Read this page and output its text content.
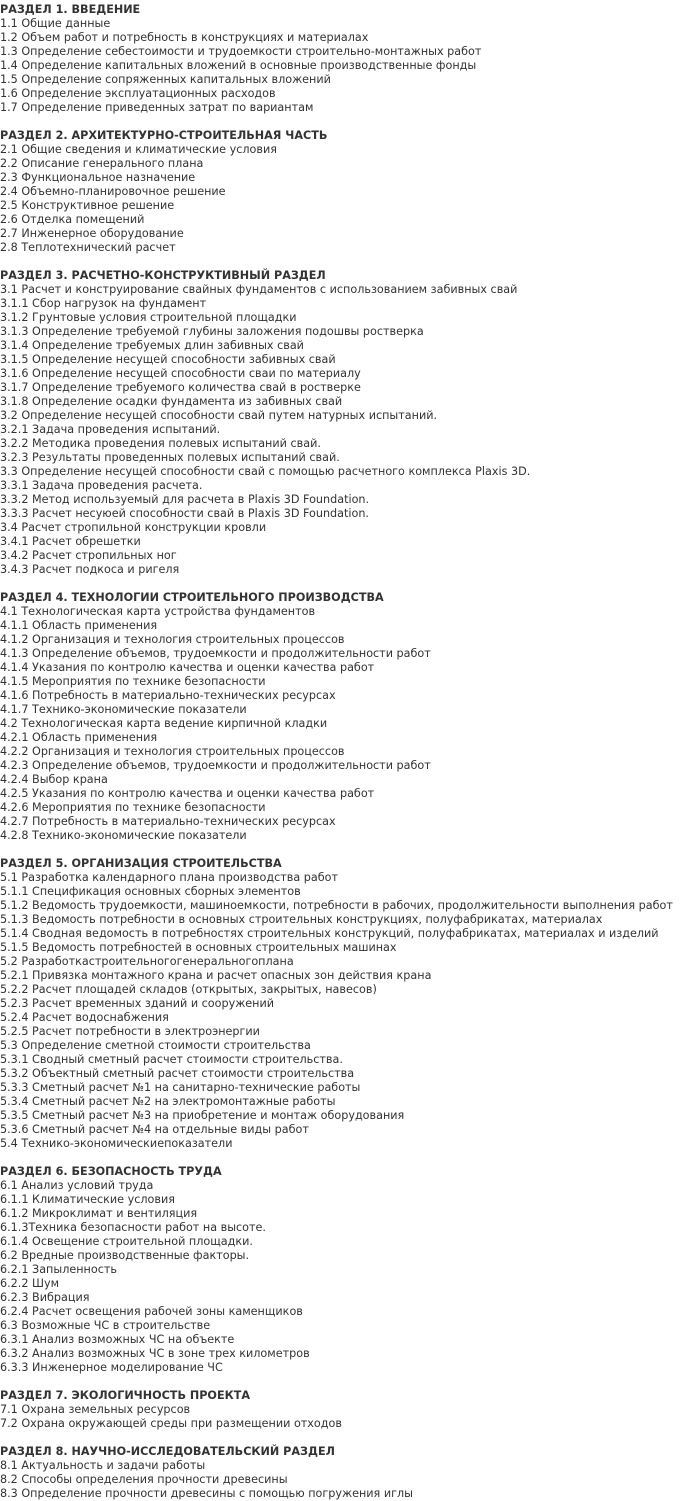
РАЗДЕЛ 1. ВВЕДЕНИЕ
1.1 Общие данные
1.2 Объем работ и потребность в конструкциях и материалах
1.3 Определение себестоимости и трудоемкости строительно-монтажных работ
1.4 Определение капитальных вложений в основные производственные фонды
1.5 Определение сопряженных капитальных вложений
1.6 Определение эксплуатационных расходов
1.7 Определение приведенных затрат по вариантам
РАЗДЕЛ 2. АРХИТЕКТУРНО-СТРОИТЕЛЬНАЯ ЧАСТЬ
2.1 Общие сведения и климатические условия
2.2 Описание генерального плана
2.3 Функциональное назначение
2.4 Объемно-планировочное решение
2.5 Конструктивное решение
2.6 Отделка помещений
2.7 Инженерное оборудование
2.8 Теплотехнический расчет
РАЗДЕЛ 3. РАСЧЕТНО-КОНСТРУКТИВНЫЙ РАЗДЕЛ
3.1 Расчет и конструирование свайных фундаментов с использованием забивных свай
3.1.1 Сбор нагрузок на фундамент
3.1.2 Грунтовые условия строительной площадки
3.1.3 Определение требуемой глубины заложения подошвы ростверка
3.1.4 Определение требуемых длин забивных свай
3.1.5 Определение несущей способности забивных свай
3.1.6 Определение несущей способности сваи по материалу
3.1.7 Определение требуемого количества свай в ростверке
3.1.8 Определение осадки фундамента из забивных свай
3.2 Определение несущей способности свай путем натурных испытаний.
3.2.1 Задача проведения испытаний.
3.2.2 Методика проведения полевых испытаний свай.
3.2.3 Результаты проведенных полевых испытаний свай.
3.3 Определение несущей способности свай с помощью расчетного комплекса Plaxis 3D.
3.3.1 Задача проведения расчета.
3.3.2 Метод используемый для расчета в Plaxis 3D Foundation.
3.3.3 Расчет несуюей способности свай в Plaxis 3D Foundation.
3.4 Расчет стропильной конструкции кровли
3.4.1 Расчет обрешетки
3.4.2 Расчет стропильных ног
3.4.3 Расчет подкоса и ригеля
РАЗДЕЛ 4. ТЕХНОЛОГИИ СТРОИТЕЛЬНОГО ПРОИЗВОДСТВА
4.1 Технологическая карта устройства фундаментов
4.1.1 Область применения
4.1.2 Организация и технология строительных процессов
4.1.3 Определение объемов, трудоемкости и продолжительности работ
4.1.4 Указания по контролю качества и оценки качества работ
4.1.5 Мероприятия по технике безопасности
4.1.6 Потребность в материально-технических ресурсах
4.1.7 Технико-экономические показатели
4.2 Технологическая карта ведение кирпичной кладки
4.2.1 Область применения
4.2.2 Организация и технология строительных процессов
4.2.3 Определение объемов, трудоемкости и продолжительности работ
4.2.4 Выбор крана
4.2.5 Указания по контролю качества и оценки качества работ
4.2.6 Мероприятия по технике безопасности
4.2.7 Потребность в материально-технических ресурсах
4.2.8 Технико-экономические показатели
РАЗДЕЛ 5. ОРГАНИЗАЦИЯ СТРОИТЕЛЬСТВА
5.1 Разработка календарного плана производства работ
5.1.1 Спецификация основных сборных элементов
5.1.2 Ведомость трудоемкости, машиноемкости, потребности в рабочих, продолжительности выполнения работ
5.1.3 Ведомость потребности в основных строительных конструкциях, полуфабрикатах, материалах
5.1.4 Сводная ведомость в потребностях строительных конструкций, полуфабрикатах, материалах и изделий
5.1.5 Ведомость потребностей в основных строительных машинах
5.2 Разработкастроительногогенеральногоплана
5.2.1 Привязка монтажного крана и расчет опасных зон действия крана
5.2.2 Расчет площадей складов (открытых, закрытых, навесов)
5.2.3 Расчет временных зданий и сооружений
5.2.4 Расчет водоснабжения
5.2.5 Расчет потребности в электроэнергии
5.3 Определение сметной стоимости строительства
5.3.1 Сводный сметный расчет стоимости строительства.
5.3.2 Объектный сметный расчет стоимости строительства
5.3.3 Сметный расчет №1 на санитарно-технические работы
5.3.4 Сметный расчет №2 на электромонтажные работы
5.3.5 Сметный расчет №3 на приобретение и монтаж оборудования
5.3.6 Сметный расчет №4 на отдельные виды работ
5.4 Технико-экономическиепоказатели
РАЗДЕЛ 6. БЕЗОПАСНОСТЬ ТРУДА
6.1 Анализ условий труда
6.1.1 Климатические условия
6.1.2 Микроклимат и вентиляция
6.1.3Техника безопасности работ на высоте.
6.1.4 Освещение строительной площадки.
6.2 Вредные производственные факторы.
6.2.1 Запыленность
6.2.2 Шум
6.2.3 Вибрация
6.2.4 Расчет освещения рабочей зоны каменщиков
6.3 Возможные ЧС в строительстве
6.3.1 Анализ возможных ЧС на объекте
6.3.2 Анализ возможных ЧС в зоне трех километров
6.3.3 Инженерное моделирование ЧС
РАЗДЕЛ 7. ЭКОЛОГИЧНОСТЬ ПРОЕКТА
7.1 Охрана земельных ресурсов
7.2 Охрана окружающей среды при размещении отходов
РАЗДЕЛ 8. НАУЧНО-ИССЛЕДОВАТЕЛЬСКИЙ РАЗДЕЛ
8.1 Актуальность и задачи работы
8.2 Способы определения прочности древесины
8.3 Определение прочности древесины с помощью погружения иглы
